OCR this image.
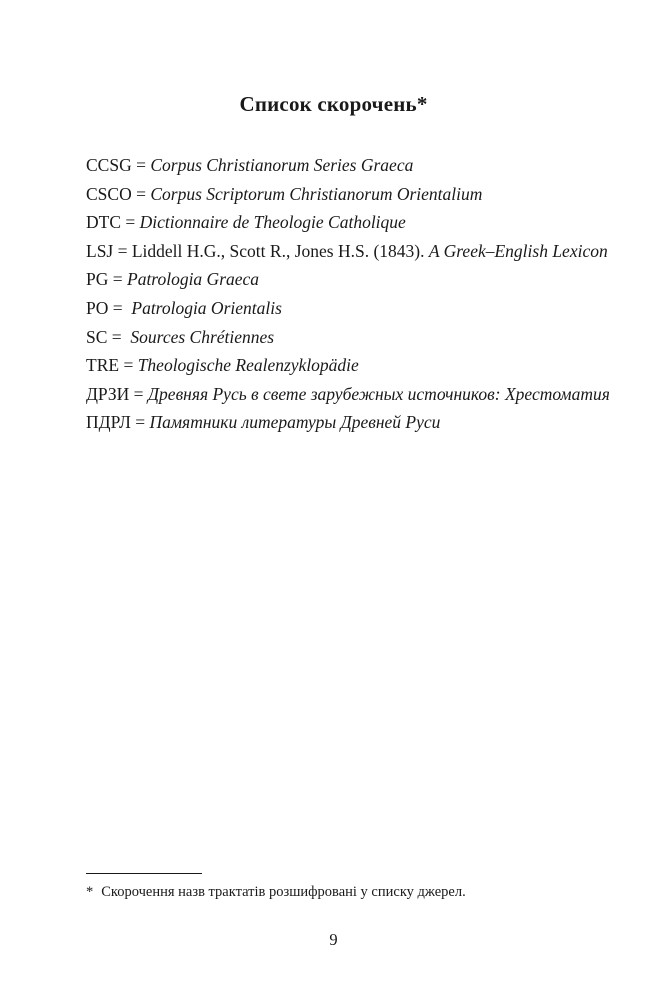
Список скорочень*
CCSG = Corpus Christianorum Series Graeca
CSCO = Corpus Scriptorum Christianorum Orientalium
DTC = Dictionnaire de Theologie Catholique
LSJ = Liddell H.G., Scott R., Jones H.S. (1843). A Greek–English Lexicon
PG = Patrologia Graeca
PO =  Patrologia Orientalis
SC =  Sources Chrétiennes
TRE = Theologische Realenzyklopädie
ДРЗИ = Древняя Русь в свете зарубежных источников: Хрестоматия
ПДРЛ = Памятники литературы Древней Руси
* Скорочення назв трактатів розшифровані у списку джерел.
9
